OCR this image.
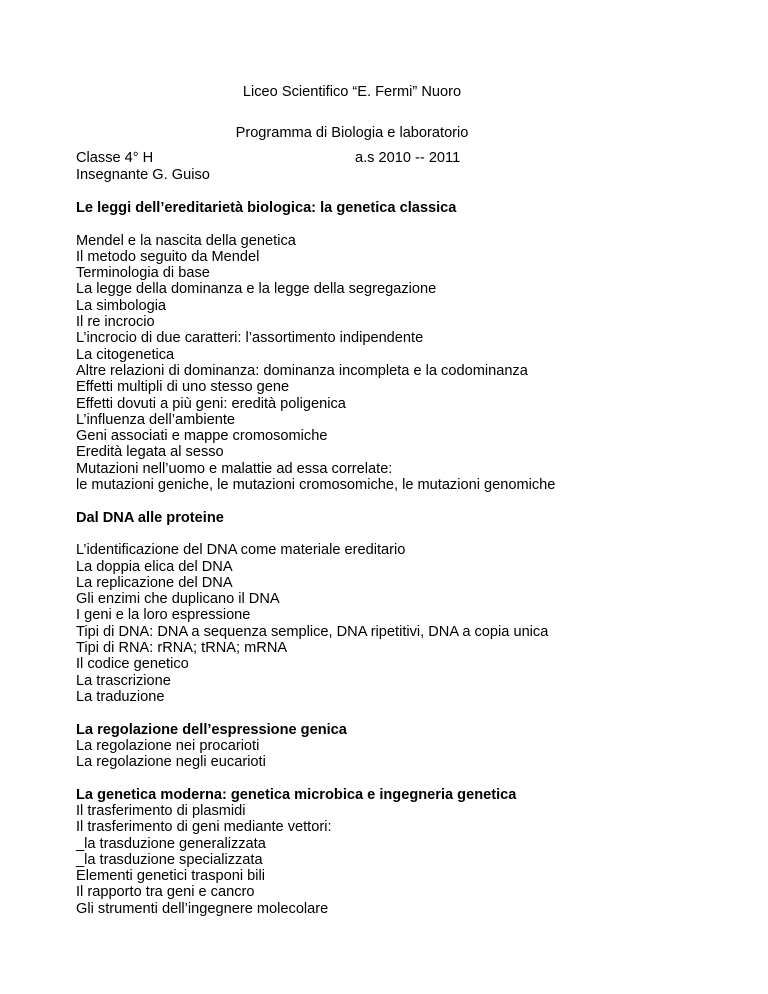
Liceo Scientifico “E. Fermi” Nuoro
Programma di Biologia e laboratorio
Classe 4° H	a.s 2010 -- 2011
Insegnante G. Guiso
Le leggi dell’ereditarietà biologica: la genetica classica
Mendel e la nascita della genetica
Il metodo seguito da Mendel
Terminologia di base
La legge della dominanza e la legge della segregazione
La simbologia
Il re incrocio
L’incrocio di due caratteri: l’assortimento indipendente
La citogenetica
Altre relazioni di dominanza: dominanza incompleta e la codominanza
Effetti multipli di uno stesso gene
Effetti dovuti a più geni: eredità poligenica
L’influenza dell’ambiente
Geni associati e mappe cromosomiche
Eredità legata al sesso
Mutazioni nell’uomo e malattie ad essa correlate:
le mutazioni geniche, le mutazioni cromosomiche, le mutazioni genomiche
Dal DNA alle proteine
L’identificazione del DNA come materiale ereditario
La doppia elica del DNA
La replicazione del DNA
Gli enzimi che duplicano il DNA
I geni e la loro espressione
Tipi di DNA: DNA a sequenza semplice, DNA ripetitivi, DNA a copia unica
Tipi di RNA: rRNA; tRNA; mRNA
Il codice genetico
La trascrizione
La traduzione
La regolazione dell’espressione genica
La regolazione nei procarioti
La regolazione negli eucarioti
La genetica moderna: genetica microbica e ingegneria genetica
Il trasferimento di plasmidi
Il trasferimento di geni mediante vettori:
_la trasduzione generalizzata
_la trasduzione specializzata
Elementi genetici trasponi bili
Il rapporto tra geni e cancro
Gli strumenti dell’ingegnere molecolare
